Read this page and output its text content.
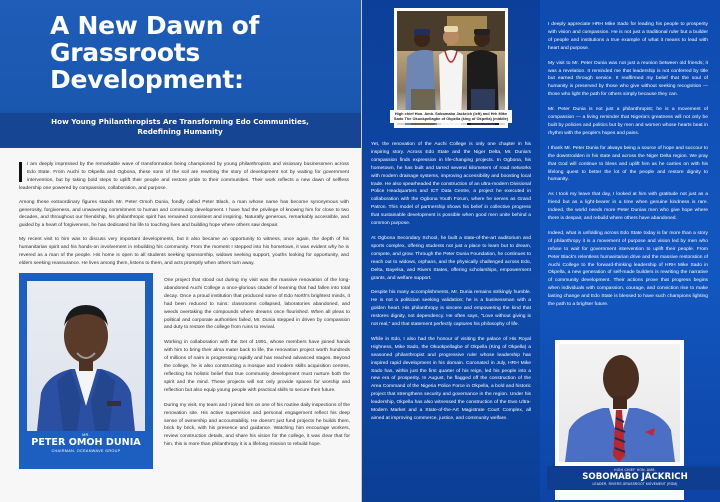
A New Dawn of Grassroots Development:
How Young Philanthropists Are Transforming Edo Communities, Redefining Humanity

I am deeply impressed by the remarkable wave of transformation being championed by young philanthropists and visionary businessmen across Edo State. From Auchi to Okpella and Ogbona, these sons of the soil are rewriting the story of development not by waiting for government intervention, but by taking bold steps to uplift their people and restore pride to their communities. Their work reflects a new dawn of selfless leadership one powered by compassion, collaboration, and purpose.

Among these extraordinary figures stands Mr. Peter Omoh Dunia, fondly called Peter Black, a man whose name has become synonymous with generosity, forgiveness, and unwavering commitment to human and community development. I have had the privilege of knowing him for close to two decades, and throughout our friendship, his philanthropic spirit has remained consistent and inspiring. Naturally generous, remarkably accessible, and guided by a heart of forgiveness, he has dedicated his life to touching lives and building hope where others saw despair.

My recent visit to him was to discuss very important developments, but it also became an opportunity to witness, once again, the depth of his humanitarian spirit and his hands-on involvement in rebuilding his community. From the moment I stepped into his hometown, it was evident why he is revered as a man of the people. His home is open to all students seeking sponsorship, widows seeking support, youths looking for opportunity, and elders seeking reassurance. He lives among them, listens to them, and acts promptly when others turn away.

MR.
PETER OMOH DUNIA
CHAIRMAN, OCEANWAVE GROUP

One project that stood out during my visit was the massive renovation of the long-abandoned Auchi College a once-glorious citadel of learning that had fallen into total decay. Once a proud institution that produced some of Edo North's brightest minds, it had been reduced to ruins: classrooms collapsed, laboratories abandoned, and weeds overtaking the compounds where dreams once flourished. When all pleas to political and corporate authorities failed, Mr. Dunia stepped in driven by compassion and duty to restore the college from ruins to revival.

Working in collaboration with the Set of 1991, whose members have joined hands with him to bring their alma mater back to life, the renovation project worth hundreds of millions of nairs is progressing rapidly and has reached advanced stages. Beyond the college, he is also constructing a mosque and modern skills acquisition centres, reflecting his holistic belief that true community development must nurture both the spirit and the mind. These projects will not only provide spaces for worship and reflection but also equip young people with practical skills to secure their future.

During my visit, my team and I joined him on one of his routine daily inspections of the renovation site. His active supervision and personal engagement reflect his deep sense of ownership and accountability. He doesn't just fund projects he builds them, brick by brick, with his presence and guidance. Watching him encourage workers, review construction details, and share his vision for the college, it was clear that for him, this is more than philanthropy it is a lifelong mission to rebuild hope.

High chief Hon. Amb. Sobomabo Jackrich (left) and Hrh Mike Sado The Okuokpellagbe of Okpella (king of Okpella) (middle)

Yet, the renovation of the Auchi College is only one chapter in his inspiring story. Across Edo State and the Niger Delta, Mr. Dunia's compassion finds expression in life-changing projects. In Ogbona, his hometown, he has built and tarred several kilometers of road networks with modern drainage systems, improving accessibility and boosting local trade. He also spearheaded the construction of an ultra-modern Divisional Police Headquarters and ICT Data Centre, a project he executed in collaboration with the Ogbona Youth Forum, where he serves as Grand Patron. This model of partnership shows his belief in collective progress that sustainable development is possible when good men unite behind a common purpose.

At Ogbona Secondary School, he built a state-of-the-art auditorium and sports complex, offering students not just a place to learn but to dream, compete, and grow. Through the Peter Dunia Foundation, he continues to reach out to widows, orphans, and the physically challenged across Edo, Delta, Bayelsa, and Rivers States, offering scholarships, empowerment grants, and welfare support.

Despite his many accomplishments, Mr. Dunia remains strikingly humble. He is not a politician seeking validation; he is a businessman with a golden heart. His philanthropy is sincere and empowering the kind that restores dignity, not dependency. He often says, "Love without giving is not real," and that statement perfectly captures his philosophy of life.

While in Edo, I also had the honour of visiting the palace of His Royal Highness, Mike Sado, the Okuokpellagbe of Okpella (King of Okpella) a seasoned philanthropist and progressive ruler whose leadership has inspired rapid development in his domain. Coronated in July, HRH Mike Sado has, within just the first quarter of his reign, led his people into a new era of prosperity. In August, he flagged off the construction of the Area Command of the Nigeria Police Force in Okpella, a bold and historic project that strengthens security and governance in the region. Under his leadership, Okpella has also witnessed the construction of the Ewo Ultra-Modern Market and a State-of-the-Art Magistrate Court Complex, all aimed at improving commerce, justice, and community welfare.

I deeply appreciate HRH Mike Sado for leading his people to prosperity with vision and compassion. He is not just a traditional ruler but a builder of people and institutions a true example of what it means to lead with heart and purpose.

My visit to Mr. Peter Dunia was not just a reunion between old friends; it was a revelation. It reminded me that leadership is not conferred by title but earned through service. It reaffirmed my belief that the soul of humanity is preserved by those who give without seeking recognition — those who light the path for others simply because they can.

Mr. Peter Dunia is not just a philanthropist; he is a movement of compassion — a living reminder that Nigeria's greatness will not only be built by policies and politics but by men and women whose hearts beat in rhythm with the people's hopes and pains.

I thank Mr. Peter Dunia for always being a source of hope and succour to the downtrodden in his state and across the Niger Delta region. We pray that God will continue to bless and uplift him as he carries on with his lifelong quest to better the lot of the people and restore dignity to humanity.

As I took my leave that day, I looked at him with gratitude not just as a friend but as a light-bearer in a time when genuine kindness is rare. Indeed, the world needs more Peter Dunias men who give hope where there is despair, and rebuild where others have abandoned.

Indeed, what is unfolding across Edo State today is far more than a story of philanthropy it is a movement of purpose and vision led by men who refuse to wait for government intervention to uplift their people. From Peter Black's relentless humanitarian drive and the massive restoration of Auchi College to the forward-thinking leadership of HRH Mike Sado in Okpella, a new generation of self-made builders is rewriting the narrative of community development. Their actions prove that progress begins when individuals with compassion, courage, and conviction rise to make lasting change and Edo State is blessed to have such champions lighting the path to a brighter future.

HIGH CHIEF HON. AMB.
SOBOMABO JACKRICH
LEADER, RIVERS GRASSROOT MOVEMENT (RGM)
